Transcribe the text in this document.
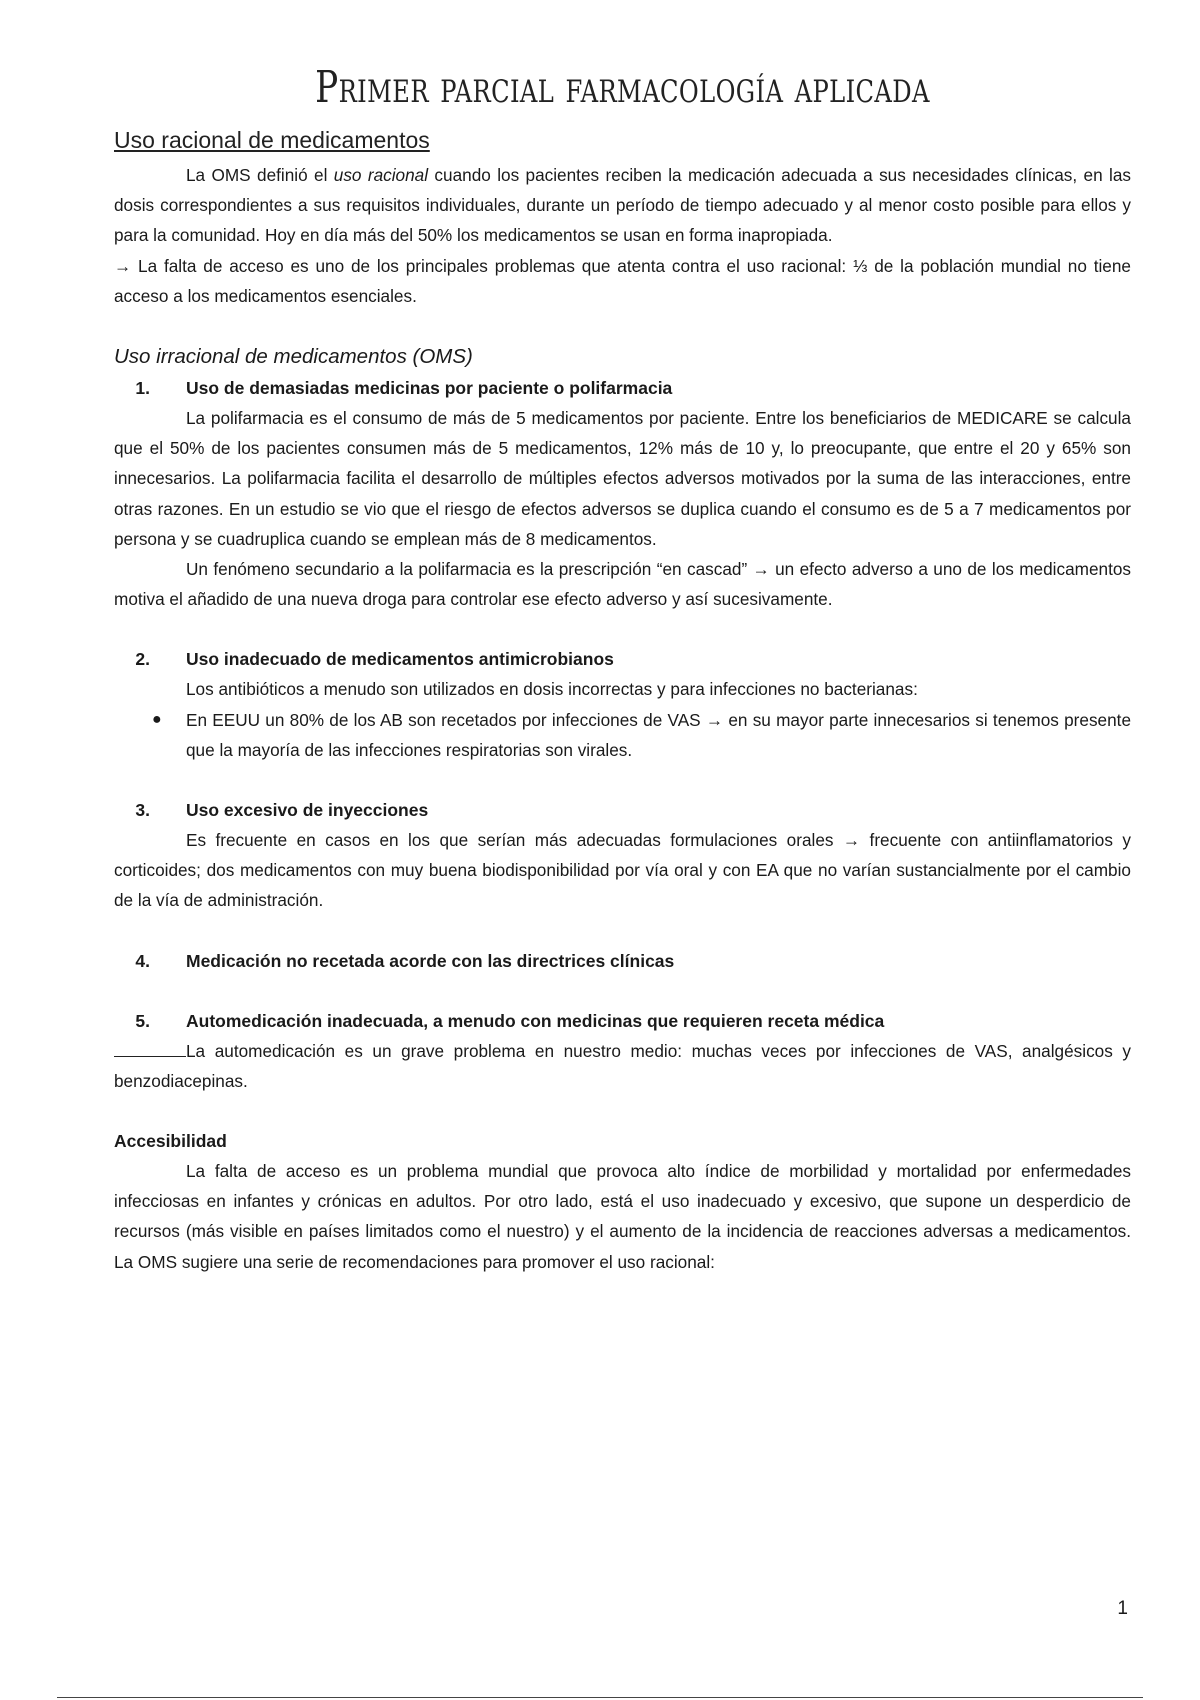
Primer parcial farmacología aplicada
Uso racional de medicamentos

La OMS definió el uso racional cuando los pacientes reciben la medicación adecuada a sus necesidades clínicas, en las dosis correspondientes a sus requisitos individuales, durante un período de tiempo adecuado y al menor costo posible para ellos y para la comunidad. Hoy en día más del 50% los medicamentos se usan en forma inapropiada.

→ La falta de acceso es uno de los principales problemas que atenta contra el uso racional: ⅓ de la población mundial no tiene acceso a los medicamentos esenciales.

Uso irracional de medicamentos (OMS)
1. Uso de demasiadas medicinas por paciente o polifarmacia

La polifarmacia es el consumo de más de 5 medicamentos por paciente. Entre los beneficiarios de MEDICARE se calcula que el 50% de los pacientes consumen más de 5 medicamentos, 12% más de 10 y, lo preocupante, que entre el 20 y 65% son innecesarios. La polifarmacia facilita el desarrollo de múltiples efectos adversos motivados por la suma de las interacciones, entre otras razones. En un estudio se vio que el riesgo de efectos adversos se duplica cuando el consumo es de 5 a 7 medicamentos por persona y se cuadruplica cuando se emplean más de 8 medicamentos.

Un fenómeno secundario a la polifarmacia es la prescripción “en cascad” → un efecto adverso a uno de los medicamentos motiva el añadido de una nueva droga para controlar ese efecto adverso y así sucesivamente.

2. Uso inadecuado de medicamentos antimicrobianos

Los antibióticos a menudo son utilizados en dosis incorrectas y para infecciones no bacterianas:

● En EEUU un 80% de los AB son recetados por infecciones de VAS → en su mayor parte innecesarios si tenemos presente que la mayoría de las infecciones respiratorias son virales.

3. Uso excesivo de inyecciones

Es frecuente en casos en los que serían más adecuadas formulaciones orales → frecuente con antiinflamatorios y corticoides; dos medicamentos con muy buena biodisponibilidad por vía oral y con EA que no varían sustancialmente por el cambio de la vía de administración.

4. Medicación no recetada acorde con las directrices clínicas
5. Automedicación inadecuada, a menudo con medicinas que requieren receta médica

La automedicación es un grave problema en nuestro medio: muchas veces por infecciones de VAS, analgésicos y benzodiacepinas.

Accesibilidad

La falta de acceso es un problema mundial que provoca alto índice de morbilidad y mortalidad por enfermedades infecciosas en infantes y crónicas en adultos. Por otro lado, está el uso inadecuado y excesivo, que supone un desperdicio de recursos (más visible en países limitados como el nuestro) y el aumento de la incidencia de reacciones adversas a medicamentos. La OMS sugiere una serie de recomendaciones para promover el uso racional:

1
